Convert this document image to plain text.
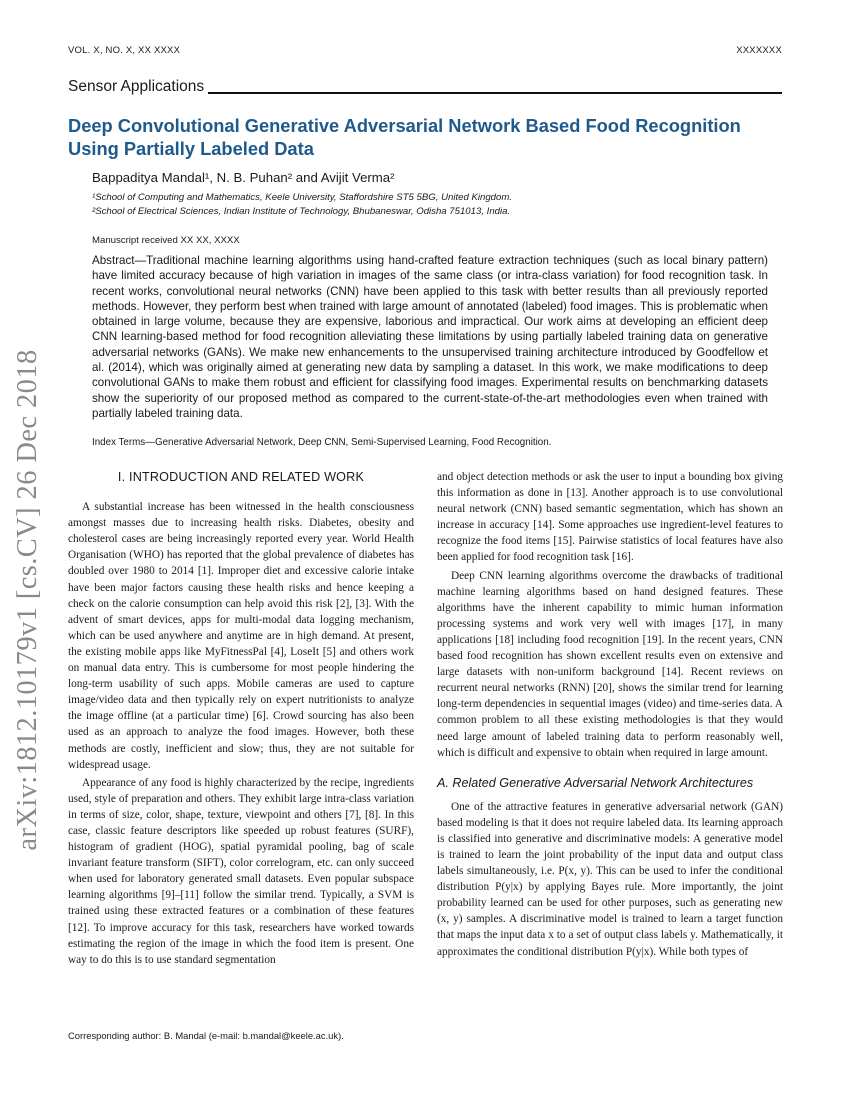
VOL. X, NO. X, XX XXXX	XXXXXXX
Sensor Applications
Deep Convolutional Generative Adversarial Network Based Food Recognition Using Partially Labeled Data
Bappaditya Mandal¹, N. B. Puhan² and Avijit Verma²
¹School of Computing and Mathematics, Keele University, Staffordshire ST5 5BG, United Kingdom.
²School of Electrical Sciences, Indian Institute of Technology, Bhubaneswar, Odisha 751013, India.
Manuscript received XX XX, XXXX
Abstract—Traditional machine learning algorithms using hand-crafted feature extraction techniques (such as local binary pattern) have limited accuracy because of high variation in images of the same class (or intra-class variation) for food recognition task. In recent works, convolutional neural networks (CNN) have been applied to this task with better results than all previously reported methods. However, they perform best when trained with large amount of annotated (labeled) food images. This is problematic when obtained in large volume, because they are expensive, laborious and impractical. Our work aims at developing an efficient deep CNN learning-based method for food recognition alleviating these limitations by using partially labeled training data on generative adversarial networks (GANs). We make new enhancements to the unsupervised training architecture introduced by Goodfellow et al. (2014), which was originally aimed at generating new data by sampling a dataset. In this work, we make modifications to deep convolutional GANs to make them robust and efficient for classifying food images. Experimental results on benchmarking datasets show the superiority of our proposed method as compared to the current-state-of-the-art methodologies even when trained with partially labeled training data.
Index Terms—Generative Adversarial Network, Deep CNN, Semi-Supervised Learning, Food Recognition.
arXiv:1812.10179v1 [cs.CV] 26 Dec 2018	I. INTRODUCTION AND RELATED WORK

A substantial increase has been witnessed in the health consciousness amongst masses due to increasing health risks. Diabetes, obesity and cholesterol cases are being increasingly reported every year. World Health Organisation (WHO) has reported that the global prevalence of diabetes has doubled over 1980 to 2014 [1]. Improper diet and excessive calorie intake have been major factors causing these health risks and hence keeping a check on the calorie consumption can help avoid this risk [2], [3]. With the advent of smart devices, apps for multi-modal data logging mechanism, which can be used anywhere and anytime are in high demand. At present, the existing mobile apps like MyFitnessPal [4], LoseIt [5] and others work on manual data entry. This is cumbersome for most people hindering the long-term usability of such apps. Mobile cameras are used to capture image/video data and then typically rely on expert nutritionists to analyze the image offline (at a particular time) [6]. Crowd sourcing has also been used as an approach to analyze the food images. However, both these methods are costly, inefficient and slow; thus, they are not suitable for widespread usage.

Appearance of any food is highly characterized by the recipe, ingredients used, style of preparation and others. They exhibit large intra-class variation in terms of size, color, shape, texture, viewpoint and others [7], [8]. In this case, classic feature descriptors like speeded up robust features (SURF), histogram of gradient (HOG), spatial pyramidal pooling, bag of scale invariant feature transform (SIFT), color correlogram, etc. can only succeed when used for laboratory generated small datasets. Even popular subspace learning algorithms [9]–[11] follow the similar trend. Typically, a SVM is trained using these extracted features or a combination of these features [12]. To improve accuracy for this task, researchers have worked towards estimating the region of the image in which the food item is present. One way to do this is to use standard segmentation

and object detection methods or ask the user to input a bounding box giving this information as done in [13]. Another approach is to use convolutional neural network (CNN) based semantic segmentation, which has shown an increase in accuracy [14]. Some approaches use ingredient-level features to recognize the food items [15]. Pairwise statistics of local features have also been applied for food recognition task [16].

Deep CNN learning algorithms overcome the drawbacks of traditional machine learning algorithms based on hand designed features. These algorithms have the inherent capability to mimic human information processing systems and work very well with images [17], in many applications [18] including food recognition [19]. In the recent years, CNN based food recognition has shown excellent results even on extensive and large datasets with non-uniform background [14]. Recent reviews on recurrent neural networks (RNN) [20], shows the similar trend for learning long-term dependencies in sequential images (video) and time-series data. A common problem to all these existing methodologies is that they would need large amount of labeled training data to perform reasonably well, which is difficult and expensive to obtain when required in large amount.

A. Related Generative Adversarial Network Architectures

One of the attractive features in generative adversarial network (GAN) based modeling is that it does not require labeled data. Its learning approach is classified into generative and discriminative models: A generative model is trained to learn the joint probability of the input data and output class labels simultaneously, i.e. P(x, y). This can be used to infer the conditional distribution P(y|x) by applying Bayes rule. More importantly, the joint probability learned can be used for other purposes, such as generating new (x, y) samples. A discriminative model is trained to learn a target function that maps the input data x to a set of output class labels y. Mathematically, it approximates the conditional distribution P(y|x). While both types of

Corresponding author: B. Mandal (e-mail: b.mandal@keele.ac.uk).
